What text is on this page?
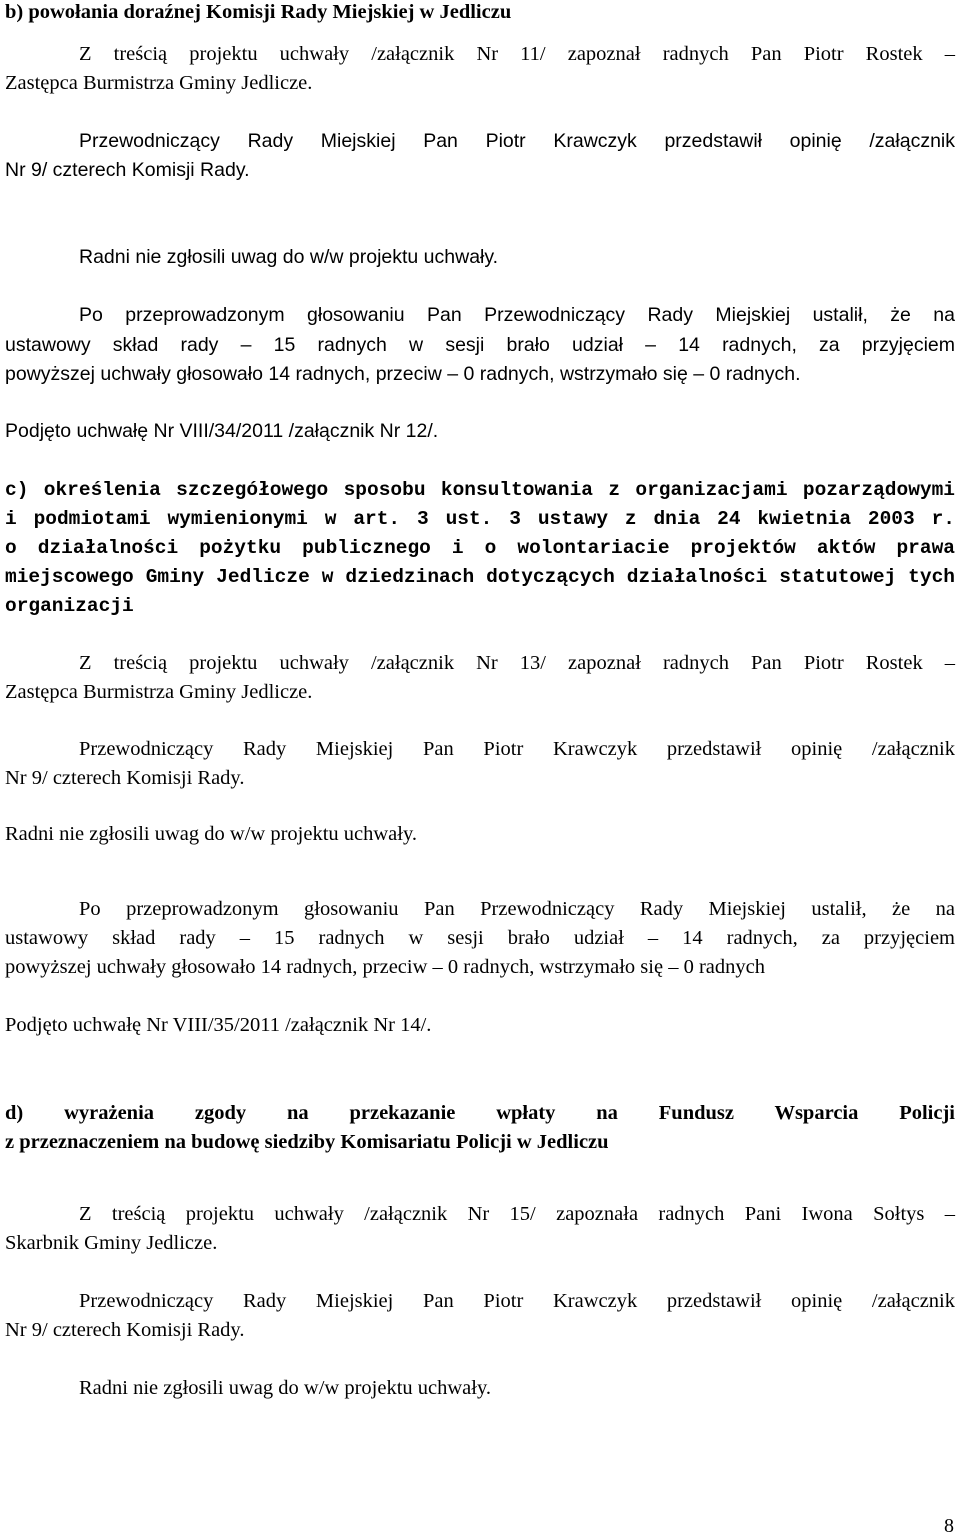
b) powołania doraźnej Komisji Rady Miejskiej w Jedliczu
Z treścią projektu uchwały /załącznik Nr 11/ zapoznał radnych Pan Piotr Rostek –
Zastępca Burmistrza Gminy Jedlicze.
Przewodniczący Rady Miejskiej Pan Piotr Krawczyk przedstawił opinię /załącznik
Nr 9/ czterech Komisji Rady.
Radni nie zgłosili uwag do w/w projektu uchwały.
Po przeprowadzonym głosowaniu Pan Przewodniczący Rady Miejskiej ustalił, że na
ustawowy skład rady – 15 radnych w sesji brało udział – 14 radnych, za przyjęciem
powyższej uchwały głosowało 14 radnych, przeciw – 0 radnych, wstrzymało się – 0 radnych.
Podjęto uchwałę Nr VIII/34/2011 /załącznik Nr 12/.
c) określenia szczegółowego sposobu konsultowania z organizacjami pozarządowymi
i podmiotami wymienionymi w art. 3 ust. 3 ustawy z dnia 24 kwietnia 2003 r.
o działalności pożytku publicznego i o wolontariacie projektów aktów prawa
miejscowego Gminy Jedlicze w dziedzinach dotyczących działalności statutowej tych
organizacji
Z treścią projektu uchwały /załącznik Nr 13/ zapoznał radnych Pan Piotr Rostek –
Zastępca Burmistrza Gminy Jedlicze.
Przewodniczący Rady Miejskiej Pan Piotr Krawczyk przedstawił opinię /załącznik
Nr 9/ czterech Komisji Rady.
Radni nie zgłosili uwag do w/w projektu uchwały.
Po przeprowadzonym głosowaniu Pan Przewodniczący Rady Miejskiej ustalił, że na
ustawowy skład rady – 15 radnych w sesji brało udział – 14 radnych, za przyjęciem
powyższej uchwały głosowało 14 radnych, przeciw – 0 radnych, wstrzymało się – 0 radnych
Podjęto uchwałę Nr VIII/35/2011 /załącznik Nr 14/.
d) wyrażenia zgody na przekazanie wpłaty na Fundusz Wsparcia Policji
z przeznaczeniem na budowę siedziby Komisariatu Policji w Jedliczu
Z treścią projektu uchwały /załącznik Nr 15/ zapoznała radnych Pani Iwona Sołtys –
Skarbnik Gminy Jedlicze.
Przewodniczący Rady Miejskiej Pan Piotr Krawczyk przedstawił opinię /załącznik
Nr 9/ czterech Komisji Rady.
Radni nie zgłosili uwag do w/w projektu uchwały.
8
